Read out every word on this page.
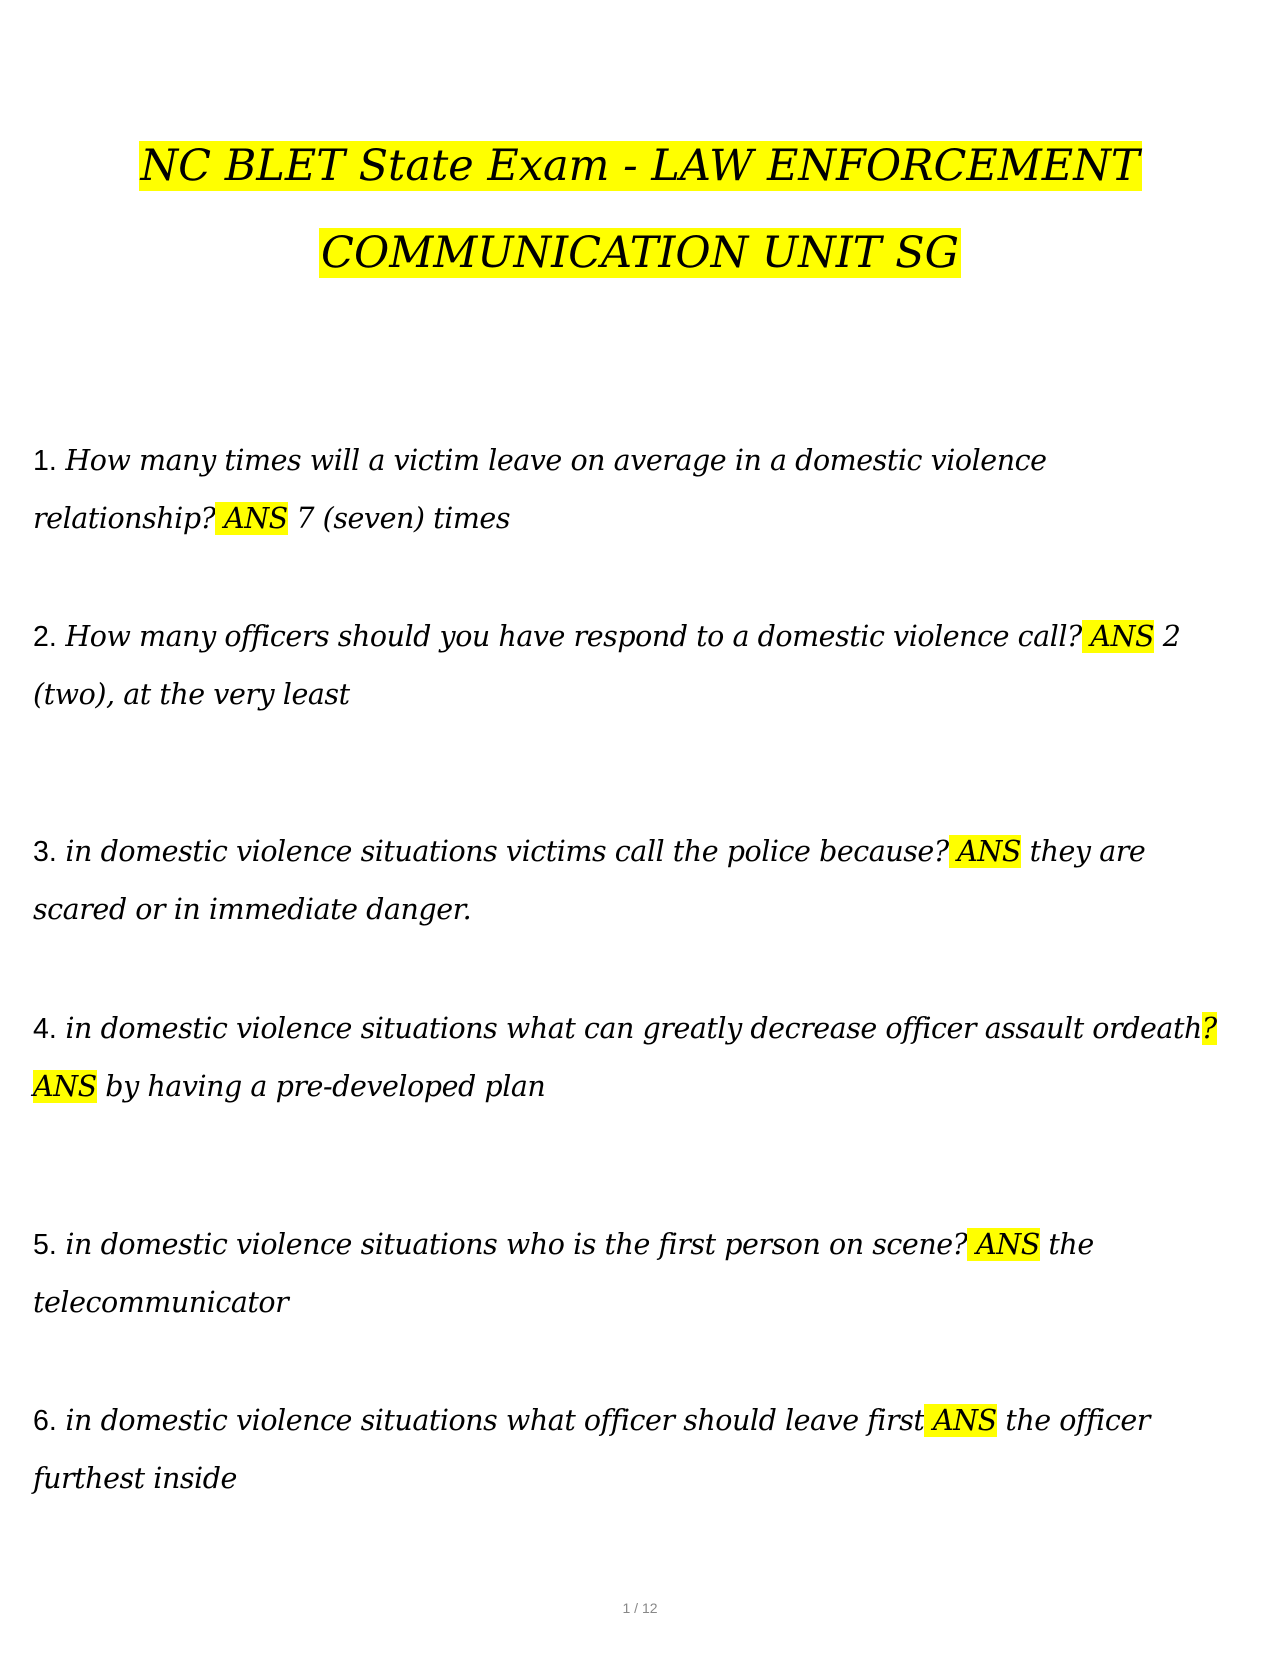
NC BLET State Exam - LAW ENFORCEMENT
COMMUNICATION UNIT SG
1. How many times will a victim leave on average in a domestic violence
relationship? ANS 7 (seven) times
2. How many officers should you have respond to a domestic violence call? ANS 2
(two), at the very least
3. in domestic violence situations victims call the police because? ANS they are
scared or in immediate danger.
4. in domestic violence situations what can greatly decrease officer assault ordeath?
ANS by having a pre-developed plan
5. in domestic violence situations who is the first person on scene? ANS the
telecommunicator
6. in domestic violence situations what officer should leave first ANS the officer
furthest inside
1 / 12
